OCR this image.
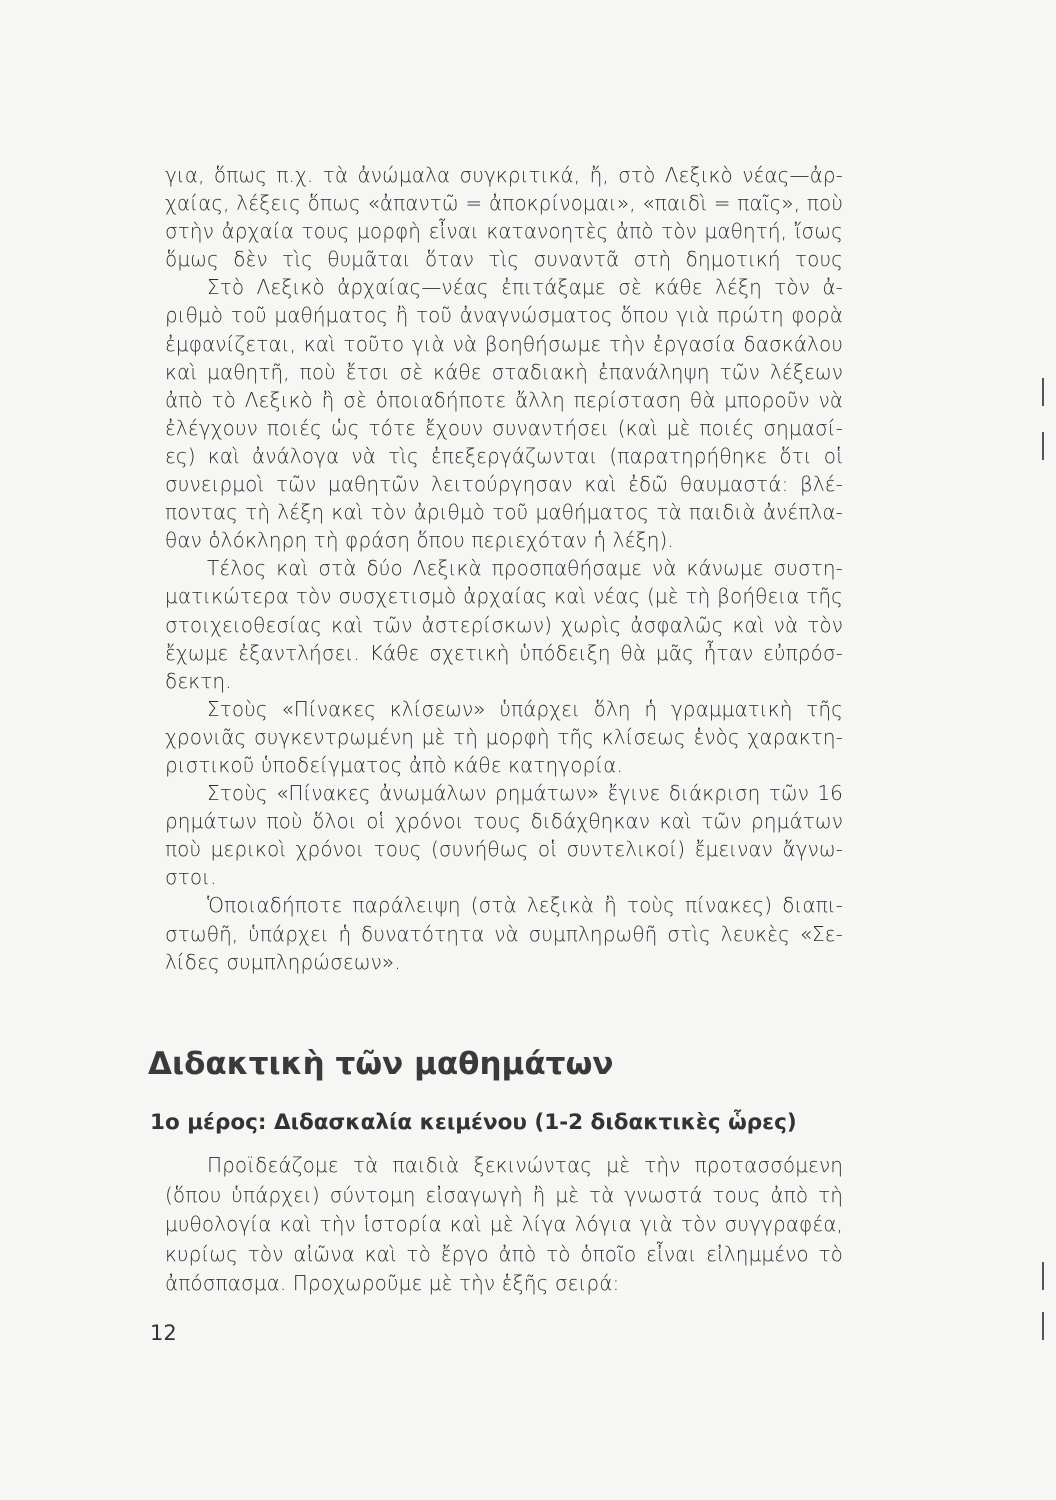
για, ὅπως π.χ. τὰ ἀνώμαλα συγκριτικά, ἤ, στὸ Λεξικὸ νέας—ἀρ-
χαίας, λέξεις ὅπως «ἀπαντῶ = ἀποκρίνομαι», «παιδὶ = παῖς», ποὺ
στὴν ἀρχαία τους μορφὴ εἶναι κατανοητὲς ἀπὸ τὸν μαθητή, ἴσως
ὅμως δὲν τὶς θυμᾶται ὅταν τὶς συναντᾶ στὴ δημοτική τους
Στὸ Λεξικὸ ἀρχαίας—νέας ἐπιτάξαμε σὲ κάθε λέξη τὸν ἀ-
ριθμὸ τοῦ μαθήματος ἢ τοῦ ἀναγνώσματος ὅπου γιὰ πρώτη φορὰ
ἐμφανίζεται, καὶ τοῦτο γιὰ νὰ βοηθήσωμε τὴν ἐργασία δασκάλου
καὶ μαθητῆ, ποὺ ἔτσι σὲ κάθε σταδιακὴ ἐπανάληψη τῶν λέξεων
ἀπὸ τὸ Λεξικὸ ἢ σὲ ὁποιαδήποτε ἄλλη περίσταση θὰ μποροῦν νὰ
ἐλέγχουν ποιές ὡς τότε ἔχουν συναντήσει (καὶ μὲ ποιές σημασί-
ες) καὶ ἀνάλογα νὰ τὶς ἐπεξεργάζωνται (παρατηρήθηκε ὅτι οἱ
συνειρμοὶ τῶν μαθητῶν λειτούργησαν καὶ ἐδῶ θαυμαστά: βλέ-
ποντας τὴ λέξη καὶ τὸν ἀριθμὸ τοῦ μαθήματος τὰ παιδιὰ ἀνέπλα-
θαν ὁλόκληρη τὴ φράση ὅπου περιεχόταν ἡ λέξη).
Τέλος καὶ στὰ δύο Λεξικὰ προσπαθήσαμε νὰ κάνωμε συστη-
ματικώτερα τὸν συσχετισμὸ ἀρχαίας καὶ νέας (μὲ τὴ βοήθεια τῆς
στοιχειοθεσίας καὶ τῶν ἀστερίσκων) χωρὶς ἀσφαλῶς καὶ νὰ τὸν
ἔχωμε ἐξαντλήσει. Κάθε σχετικὴ ὑπόδειξη θὰ μᾶς ἦταν εὐπρόσ-
δεκτη.
Στοὺς «Πίνακες κλίσεων» ὑπάρχει ὅλη ἡ γραμματικὴ τῆς
χρονιᾶς συγκεντρωμένη μὲ τὴ μορφὴ τῆς κλίσεως ἑνὸς χαρακτη-
ριστικοῦ ὑποδείγματος ἀπὸ κάθε κατηγορία.
Στοὺς «Πίνακες ἀνωμάλων ρημάτων» ἔγινε διάκριση τῶν 16
ρημάτων ποὺ ὅλοι οἱ χρόνοι τους διδάχθηκαν καὶ τῶν ρημάτων
ποὺ μερικοὶ χρόνοι τους (συνήθως οἱ συντελικοί) ἔμειναν ἄγνω-
στοι.
Ὁποιαδήποτε παράλειψη (στὰ λεξικὰ ἢ τοὺς πίνακες) διαπι-
στωθῆ, ὑπάρχει ἡ δυνατότητα νὰ συμπληρωθῆ στὶς λευκὲς «Σε-
λίδες συμπληρώσεων».
Διδακτικὴ τῶν μαθημάτων
1ο μέρος: Διδασκαλία κειμένου (1-2 διδακτικὲς ὧρες)
Προϊδεάζομε τὰ παιδιὰ ξεκινώντας μὲ τὴν προτασσόμενη
(ὅπου ὑπάρχει) σύντομη εἰσαγωγὴ ἢ μὲ τὰ γνωστά τους ἀπὸ τὴ
μυθολογία καὶ τὴν ἱστορία καὶ μὲ λίγα λόγια γιὰ τὸν συγγραφέα,
κυρίως τὸν αἰῶνα καὶ τὸ ἔργο ἀπὸ τὸ ὁποῖο εἶναι εἰλημμένο τὸ
ἀπόσπασμα. Προχωροῦμε μὲ τὴν ἑξῆς σειρά:
12
